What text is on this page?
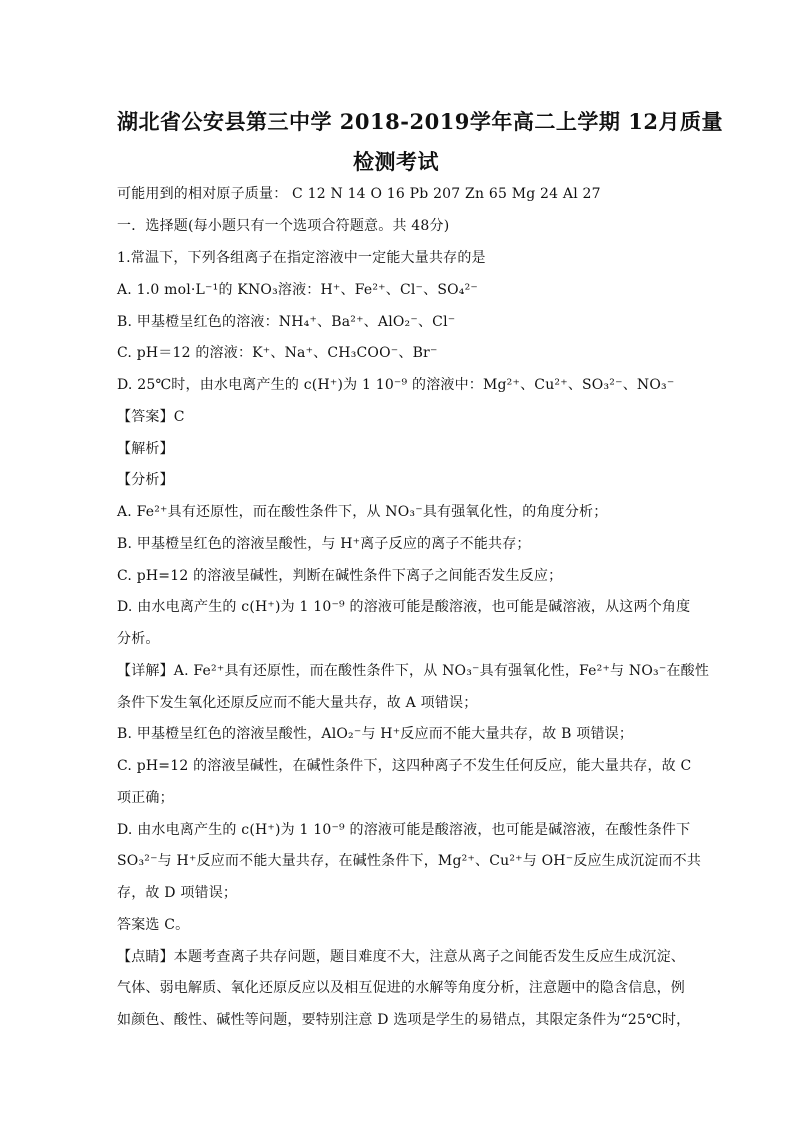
湖北省公安县第三中学 2018-2019学年高二上学期 12月质量
检测考试
可能用到的相对原子质量： C 12 N 14 O 16 Pb 207 Zn 65 Mg 24 Al 27
一．选择题(每小题只有一个选项合符题意。共 48分)
1.常温下，下列各组离子在指定溶液中一定能大量共存的是
A. 1.0 mol·L⁻¹的 KNO₃溶液：H⁺、Fe²⁺、Cl⁻、SO₄²⁻
B. 甲基橙呈红色的溶液：NH₄⁺、Ba²⁺、AlO₂⁻、Cl⁻
C. pH＝12 的溶液：K⁺、Na⁺、CH₃COO⁻、Br⁻
D. 25℃时，由水电离产生的 c(H⁺)为 1 10⁻⁹ 的溶液中：Mg²⁺、Cu²⁺、SO₃²⁻、NO₃⁻
【答案】C
【解析】
【分析】
A. Fe²⁺具有还原性，而在酸性条件下，从 NO₃⁻具有强氧化性，的角度分析；
B. 甲基橙呈红色的溶液呈酸性，与 H⁺离子反应的离子不能共存；
C. pH=12 的溶液呈碱性，判断在碱性条件下离子之间能否发生反应；
D. 由水电离产生的 c(H⁺)为 1 10⁻⁹ 的溶液可能是酸溶液，也可能是碱溶液，从这两个角度
分析。
【详解】A. Fe²⁺具有还原性，而在酸性条件下，从 NO₃⁻具有强氧化性，Fe²⁺与 NO₃⁻在酸性
条件下发生氧化还原反应而不能大量共存，故 A 项错误；
B. 甲基橙呈红色的溶液呈酸性，AlO₂⁻与 H⁺反应而不能大量共存，故 B 项错误；
C. pH=12 的溶液呈碱性，在碱性条件下，这四种离子不发生任何反应，能大量共存，故 C
项正确；
D. 由水电离产生的 c(H⁺)为 1 10⁻⁹ 的溶液可能是酸溶液，也可能是碱溶液，在酸性条件下
SO₃²⁻与 H⁺反应而不能大量共存，在碱性条件下，Mg²⁺、Cu²⁺与 OH⁻反应生成沉淀而不共
存，故 D 项错误；
答案选 C。
【点睛】本题考查离子共存问题，题目难度不大，注意从离子之间能否发生反应生成沉淀、
气体、弱电解质、氧化还原反应以及相互促进的水解等角度分析，注意题中的隐含信息，例
如颜色、酸性、碱性等问题，要特别注意 D 选项是学生的易错点，其限定条件为“25℃时，
